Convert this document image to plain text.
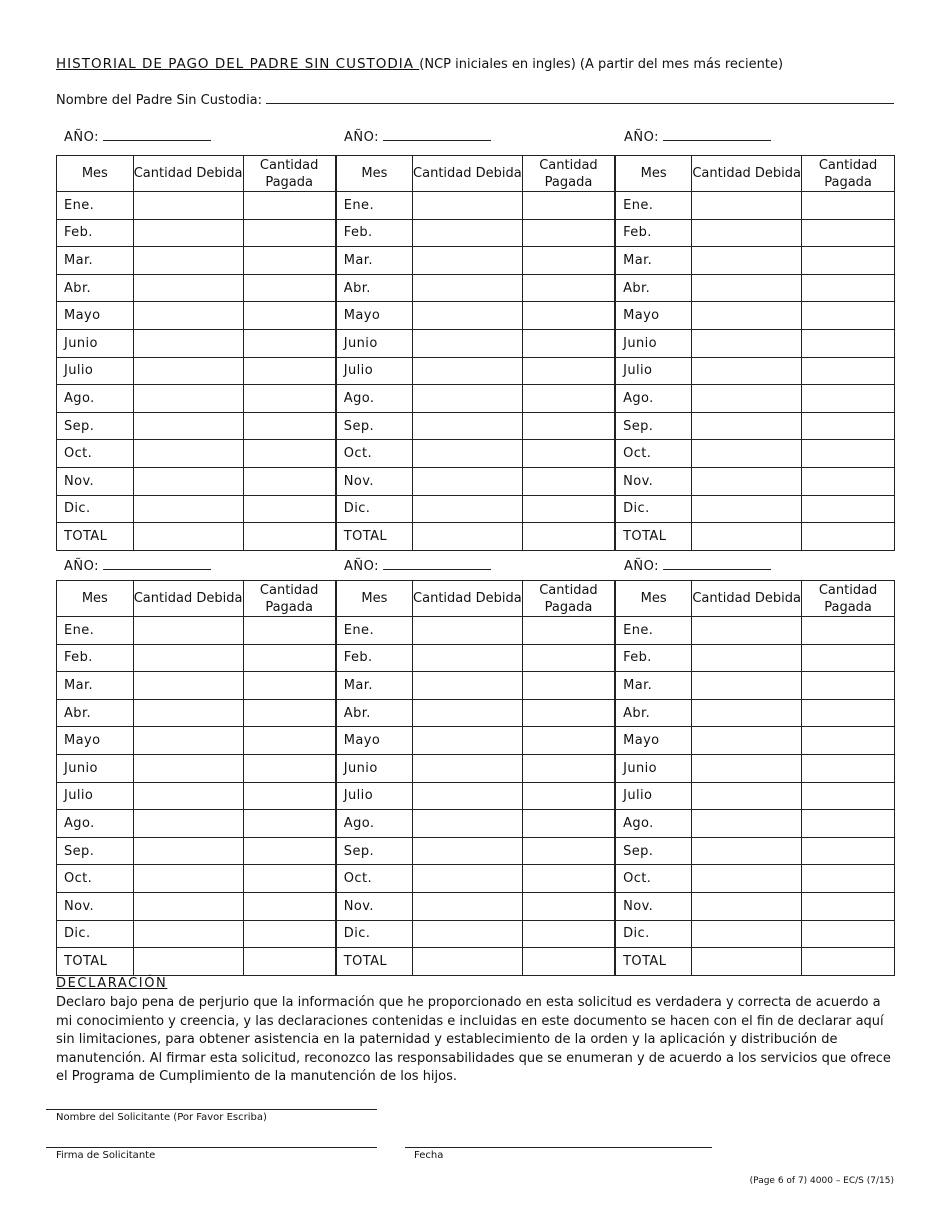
HISTORIAL DE PAGO DEL PADRE SIN CUSTODIA (NCP iniciales en ingles) (A partir del mes más reciente)
Nombre del Padre Sin Custodia:
AÑO:	AÑO:	AÑO:
Mes	Cantidad Debida	Cantidad Pagada	Mes	Cantidad Debida	Cantidad Pagada	Mes	Cantidad Debida	Cantidad Pagada
Ene.			Ene.			Ene.		
Feb.			Feb.			Feb.		
Mar.			Mar.			Mar.		
Abr.			Abr.			Abr.		
Mayo			Mayo			Mayo		
Junio			Junio			Junio		
Julio			Julio			Julio		
Ago.			Ago.			Ago.		
Sep.			Sep.			Sep.		
Oct.			Oct.			Oct.		
Nov.			Nov.			Nov.		
Dic.			Dic.			Dic.		
TOTAL			TOTAL			TOTAL		
AÑO:	AÑO:	AÑO:
Mes	Cantidad Debida	Cantidad Pagada	Mes	Cantidad Debida	Cantidad Pagada	Mes	Cantidad Debida	Cantidad Pagada
Ene.			Ene.			Ene.		
Feb.			Feb.			Feb.		
Mar.			Mar.			Mar.		
Abr.			Abr.			Abr.		
Mayo			Mayo			Mayo		
Junio			Junio			Junio		
Julio			Julio			Julio		
Ago.			Ago.			Ago.		
Sep.			Sep.			Sep.		
Oct.			Oct.			Oct.		
Nov.			Nov.			Nov.		
Dic.			Dic.			Dic.		
TOTAL			TOTAL			TOTAL		
DECLARACIÓN
Declaro bajo pena de perjurio que la información que he proporcionado en esta solicitud es verdadera y correcta de acuerdo a mi conocimiento y creencia, y las declaraciones contenidas e incluidas en este documento se hacen con el fin de declarar aquí sin limitaciones, para obtener asistencia en la paternidad y establecimiento de la orden y la aplicación y distribución de manutención. Al firmar esta solicitud, reconozco las responsabilidades que se enumeran y de acuerdo a los servicios que ofrece el Programa de Cumplimiento de la manutención de los hijos.
Nombre del Solicitante (Por Favor Escriba)
Firma de Solicitante	Fecha
(Page 6 of 7) 4000 – EC/S (7/15)
